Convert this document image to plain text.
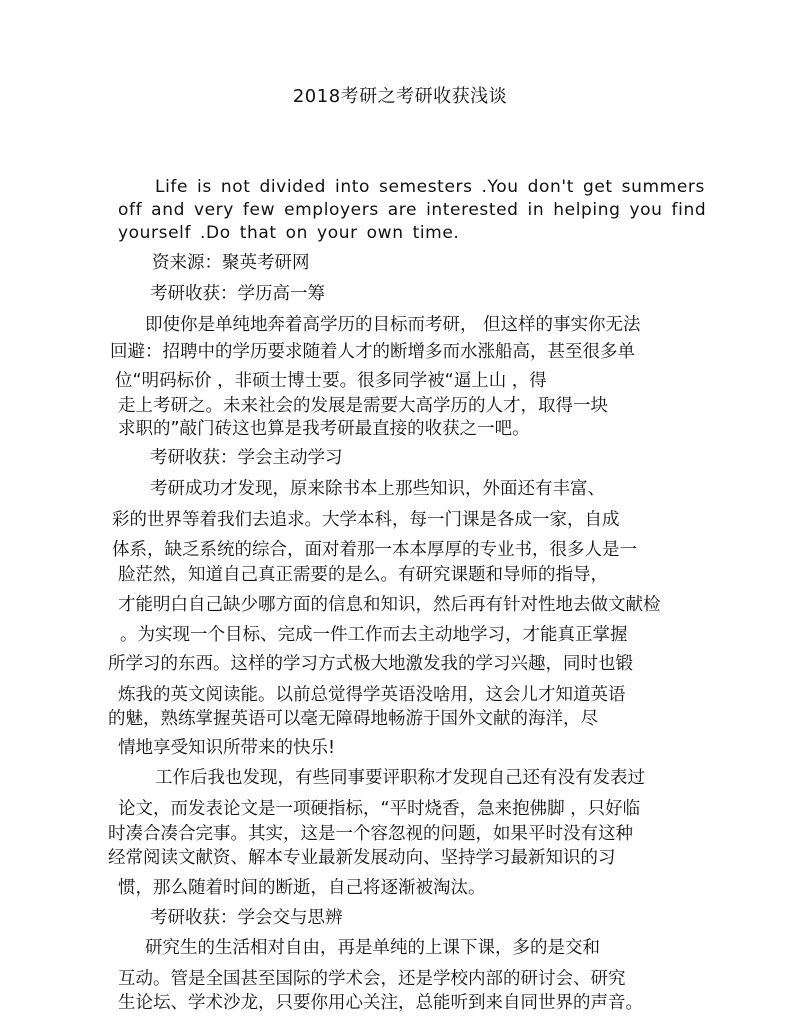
2018考研之考研收获浅谈
Life is not divided into semesters .You don't get summers
off and very few employers are interested in helping you find
yourself .Do that on your own time.
资来源：聚英考研网
考研收获：学历高一筹
即使你是单纯地奔着高学历的目标而考研， 但这样的事实你无法
回避：招聘中的学历要求随着人才的断增多而水涨船高，甚至很多单
位“明码标价 ，非硕士博士要。很多同学被“逼上山 ，得
走上考研之。未来社会的发展是需要大高学历的人才，取得一块
求职的”敲门砖这也算是我考研最直接的收获之一吧。
考研收获：学会主动学习
考研成功才发现，原来除书本上那些知识，外面还有丰富、
彩的世界等着我们去追求。大学本科，每一门课是各成一家，自成
体系，缺乏系统的综合，面对着那一本本厚厚的专业书，很多人是一
脸茫然，知道自己真正需要的是么。有研究课题和导师的指导，
才能明白自己缺少哪方面的信息和知识，然后再有针对性地去做文献检
。为实现一个目标、完成一件工作而去主动地学习，才能真正掌握
所学习的东西。这样的学习方式极大地激发我的学习兴趣，同时也锻
炼我的英文阅读能。以前总觉得学英语没啥用，这会儿才知道英语
的魅，熟练掌握英语可以毫无障碍地畅游于国外文献的海洋，尽
情地享受知识所带来的快乐!
工作后我也发现，有些同事要评职称才发现自己还有没有发表过
论文，而发表论文是一项硬指标，“平时烧香，急来抱佛脚 ，只好临
时凑合凑合完事。其实，这是一个容忽视的问题，如果平时没有这种
经常阅读文献资、解本专业最新发展动向、坚持学习最新知识的习
惯，那么随着时间的断逝，自己将逐渐被淘汰。
考研收获：学会交与思辨
研究生的生活相对自由，再是单纯的上课下课，多的是交和
互动。管是全国甚至国际的学术会，还是学校内部的研讨会、研究
生论坛、学术沙龙，只要你用心关注，总能听到来自同世界的声音。
